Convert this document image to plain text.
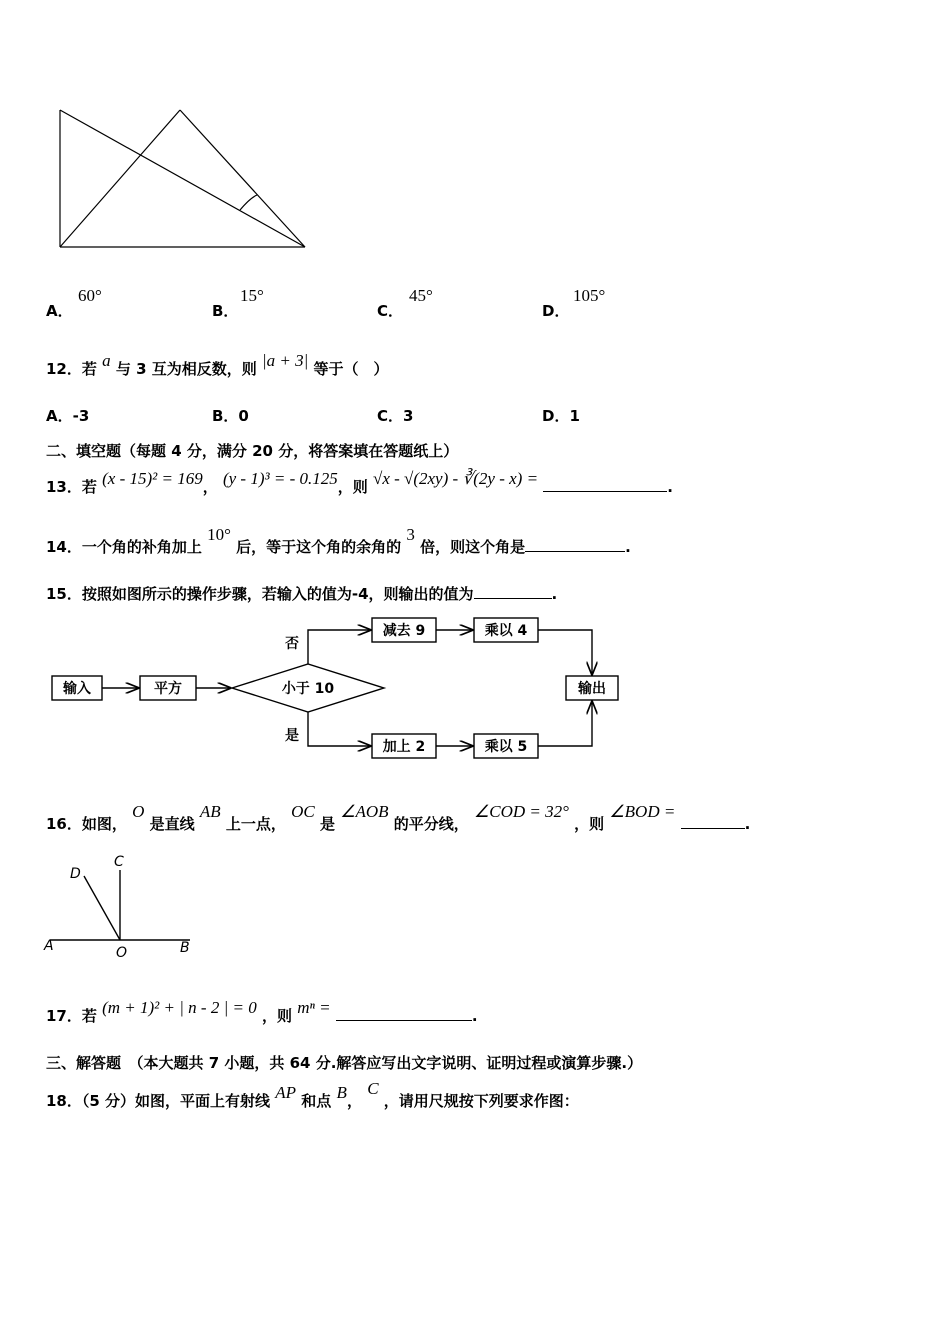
A．
60°
B．
15°
C．
45°
D．
105°
12．若 a 与 3 互为相反数，则 |a + 3| 等于（　）
A．-3	B．0	C．3	D．1
二、填空题（每题 4 分，满分 20 分，将答案填在答题纸上）
13．若 (x - 15)² = 169， (y - 1)³ = - 0.125，则 √x - √(2xy) - ∛(2y - x) =	.
14．一个角的补角加上 10° 后，等于这个角的余角的 3 倍，则这个角是	.
15．按照如图所示的操作步骤，若输入的值为-4，则输出的值为	.
输入	平方	小于 10
否
是
减去 9	乘以 4
输出
加上 2	乘以 5
16．如图， O 是直线 AB 上一点， OC 是 ∠AOB 的平分线， ∠COD = 32° ，则 ∠BOD = .
A	B
C
D
O
17．若 (m + 1)² + | n - 2 | = 0 ，则 mⁿ =	.
三、解答题　（本大题共 7 小题，共 64 分.解答应写出文字说明、证明过程或演算步骤.）
18．（5 分）如图，平面上有射线 AP 和点 B， C ，请用尺规按下列要求作图：
